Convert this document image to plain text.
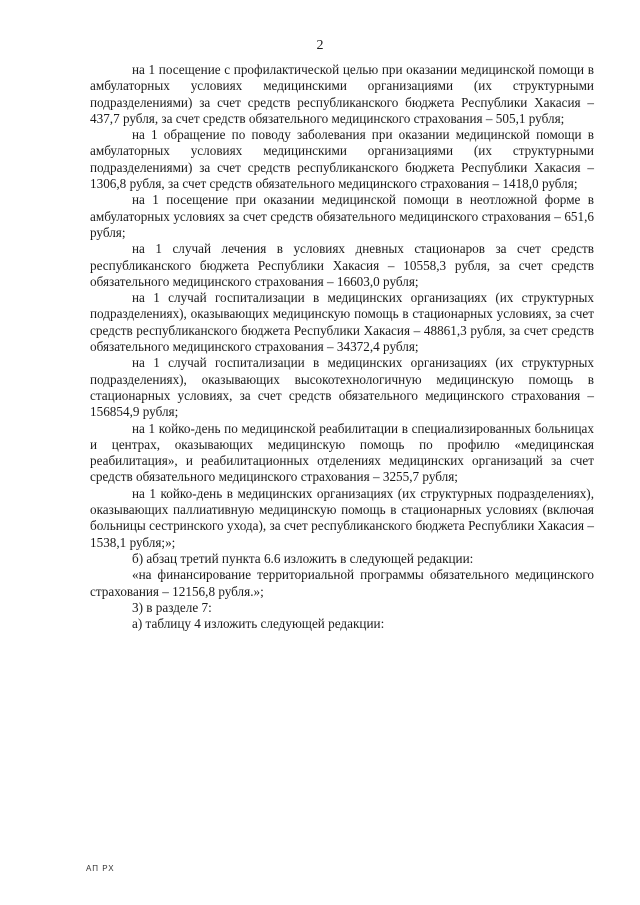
2

на 1 посещение с профилактической целью при оказании медицинской помощи в амбулаторных условиях медицинскими организациями (их структурными подразделениями) за счет средств республиканского бюджета Республики Хакасия – 437,7 рубля, за счет средств обязательного медицинского страхования – 505,1 рубля;

на 1 обращение по поводу заболевания при оказании медицинской помощи в амбулаторных условиях медицинскими организациями (их структурными подразделениями) за счет средств республиканского бюджета Республики Хакасия – 1306,8 рубля, за счет средств обязательного медицинского страхования – 1418,0 рубля;

на 1 посещение при оказании медицинской помощи в неотложной форме в амбулаторных условиях за счет средств обязательного медицинского страхования – 651,6 рубля;

на 1 случай лечения в условиях дневных стационаров за счет средств республиканского бюджета Республики Хакасия – 10558,3 рубля, за счет средств обязательного медицинского страхования – 16603,0 рубля;

на 1 случай госпитализации в медицинских организациях (их структурных подразделениях), оказывающих медицинскую помощь в стационарных условиях, за счет средств республиканского бюджета Республики Хакасия – 48861,3 рубля, за счет средств обязательного медицинского страхования – 34372,4 рубля;

на 1 случай госпитализации в медицинских организациях (их структурных подразделениях), оказывающих высокотехнологичную медицинскую помощь в стационарных условиях, за счет средств обязательного медицинского страхования – 156854,9 рубля;

на 1 койко-день по медицинской реабилитации в специализированных больницах и центрах, оказывающих медицинскую помощь по профилю «медицинская реабилитация», и реабилитационных отделениях медицинских организаций за счет средств обязательного медицинского страхования – 3255,7 рубля;

на 1 койко-день в медицинских организациях (их структурных подразделениях), оказывающих паллиативную медицинскую помощь в стационарных условиях (включая больницы сестринского ухода), за счет республиканского бюджета Республики Хакасия – 1538,1 рубля;»;

б) абзац третий пункта 6.6 изложить в следующей редакции:

«на финансирование территориальной программы обязательного медицинского страхования – 12156,8 рубля.»;

3) в разделе 7:

а) таблицу 4 изложить следующей редакции:

АП РХ
